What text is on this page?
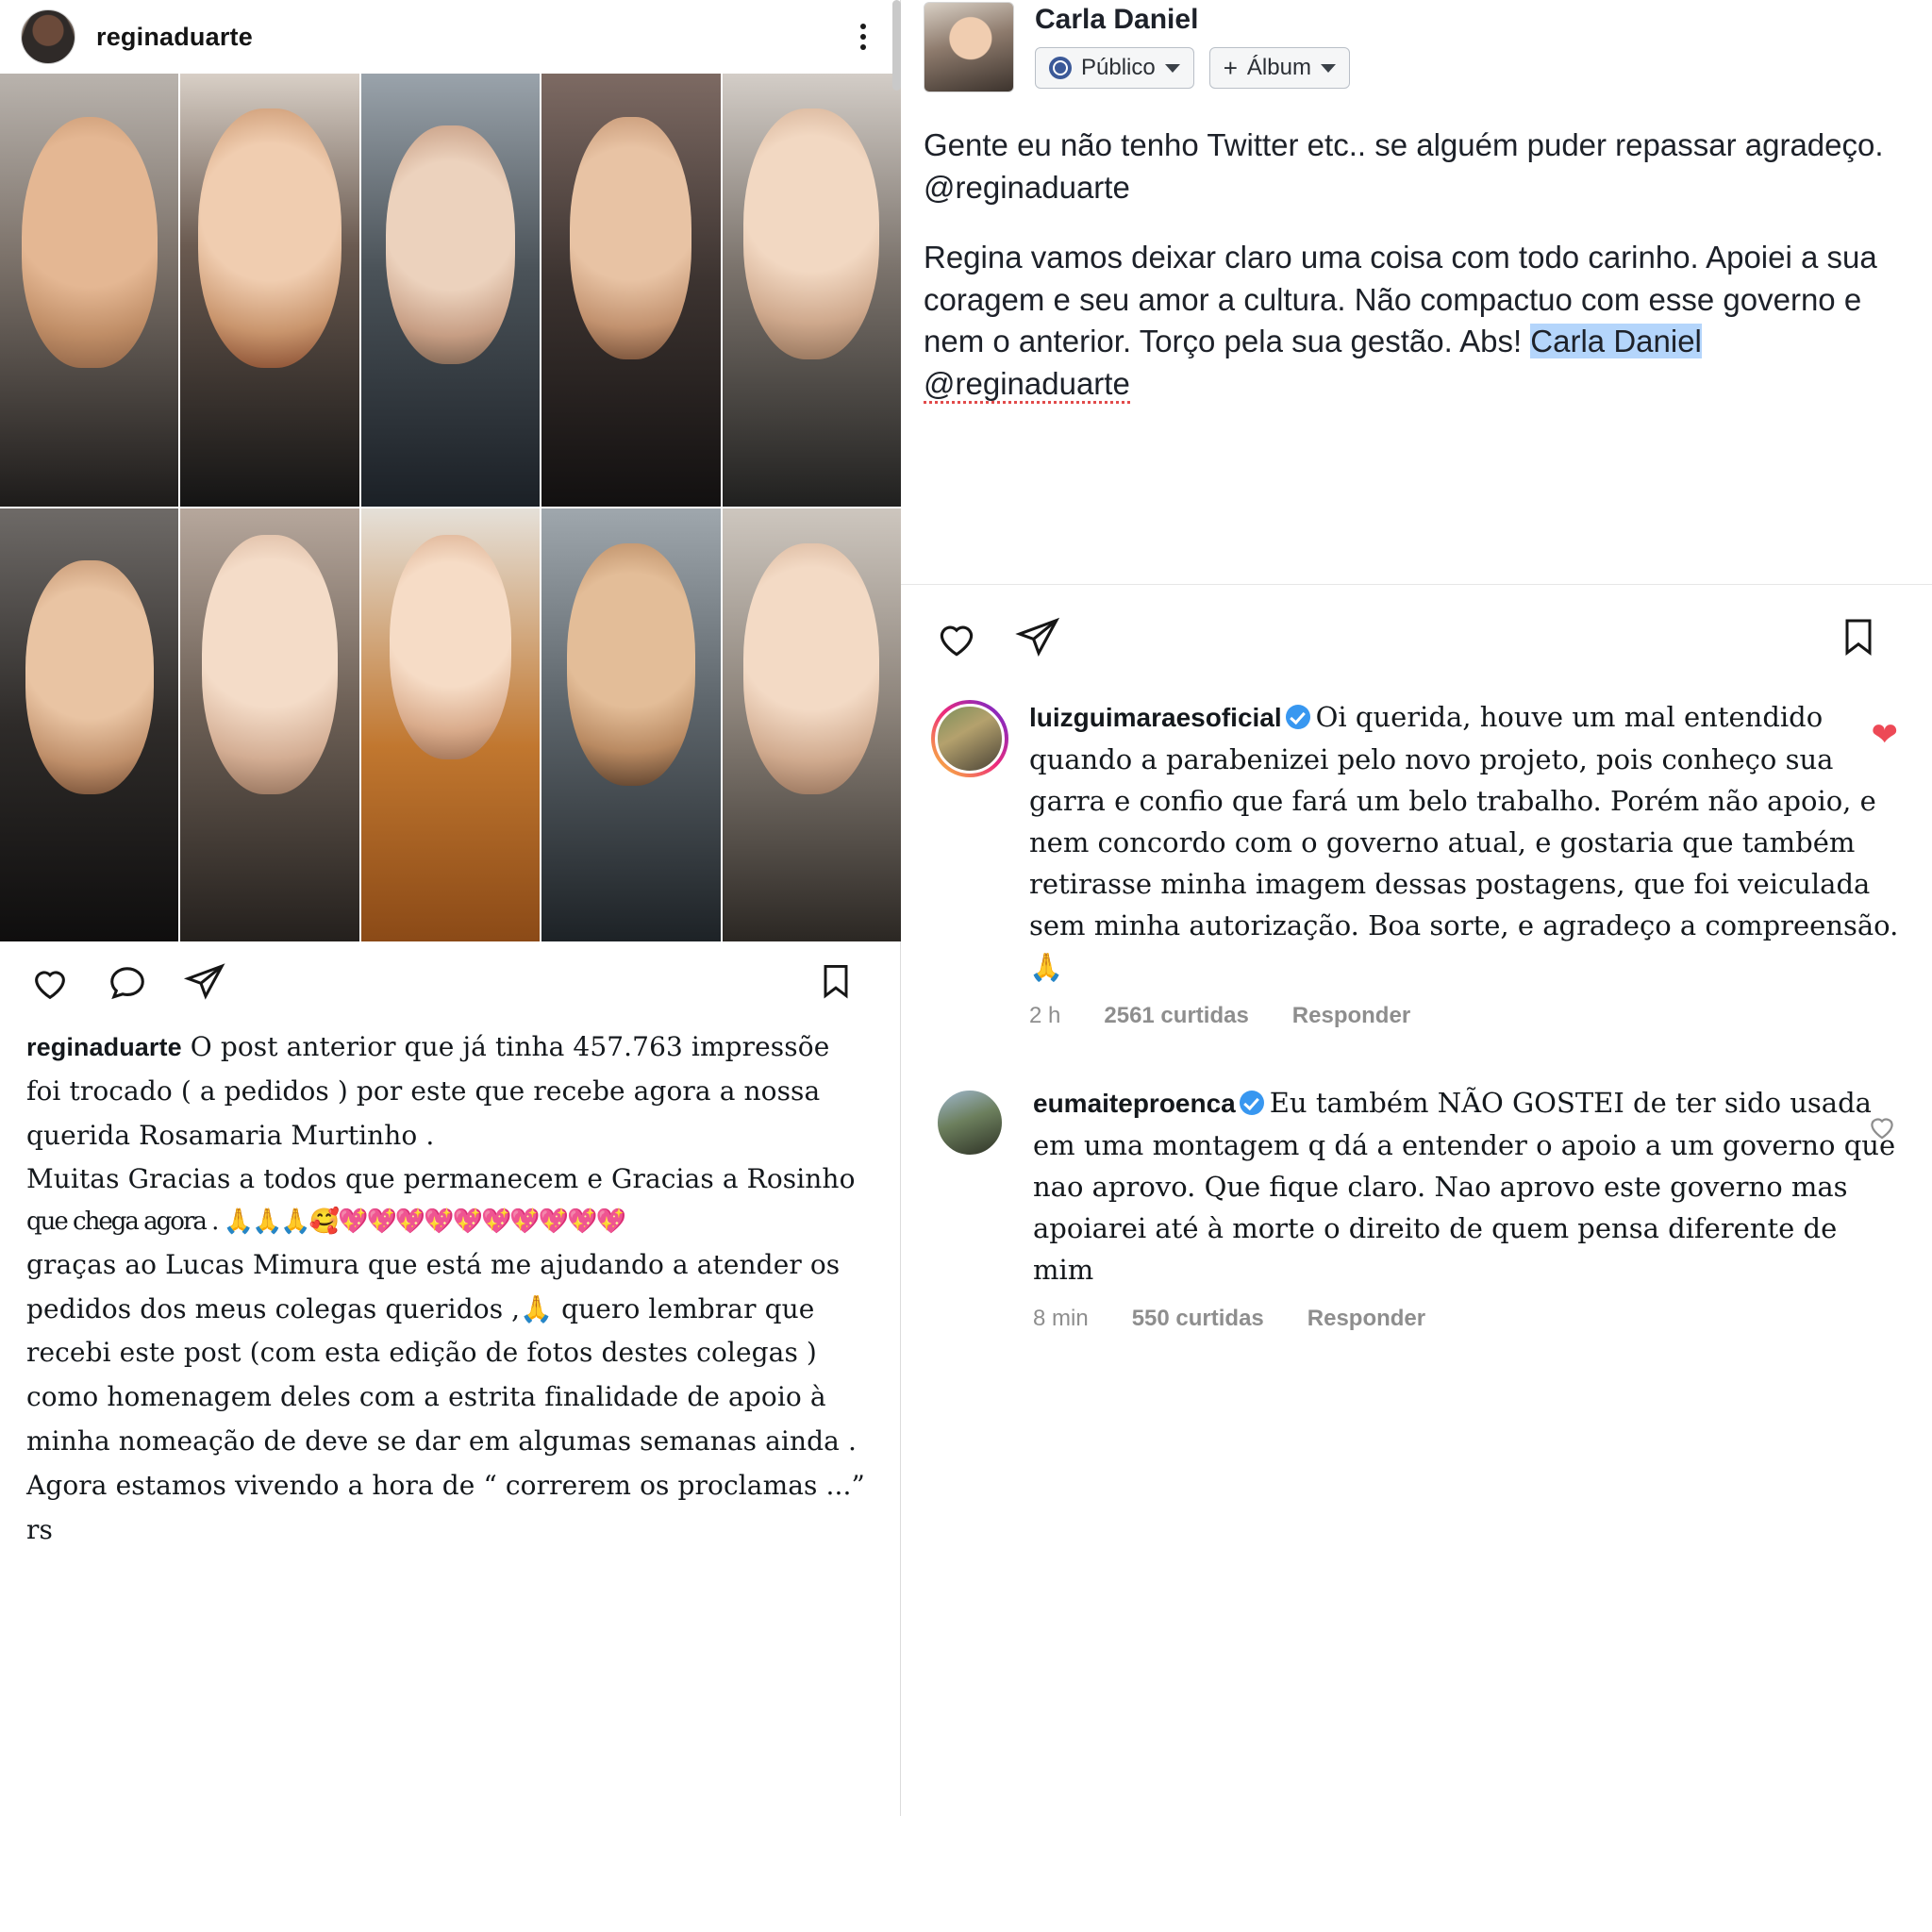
reginaduarte

reginaduarte O post anterior que já tinha 457.763 impressõe

foi trocado ( a pedidos ) por este que recebe agora a nossa

querida Rosamaria Murtinho .

Muitas Gracias a todos que permanecem e Gracias a Rosinho

que chega agora . 🙏🙏🙏🥰💖💖💖💖💖💖💖💖💖💖

graças ao Lucas Mimura que está me ajudando a atender os

pedidos dos meus colegas queridos ,🙏 quero lembrar que

recebi este post (com esta edição de fotos destes colegas )

como homenagem deles com a estrita finalidade de apoio à

minha nomeação de deve se dar em algumas semanas ainda .

Agora estamos vivendo a hora de “ correrem os proclamas ...”

rs

Carla Daniel
Público	+ Álbum

Gente eu não tenho Twitter etc.. se alguém puder repassar agradeço. @reginaduarte

Regina vamos deixar claro uma coisa com todo carinho. Apoiei a sua coragem e seu amor a cultura. Não compactuo com esse governo e nem o anterior. Torço pela sua gestão. Abs! Carla Daniel @reginaduarte

luizguimaraesoficial Oi querida, houve um mal entendido quando a parabenizei pelo novo projeto, pois conheço sua garra e confio que fará um belo trabalho. Porém não apoio, e nem concordo com o governo atual, e gostaria que também retirasse minha imagem dessas postagens, que foi veiculada sem minha autorização. Boa sorte, e agradeço a compreensão. 🙏
2 h 2561 curtidas Responder
❤
eumaiteproenca Eu também NÃO GOSTEI de ter sido usada em uma montagem q dá a entender o apoio a um governo que nao aprovo. Que fique claro. Nao aprovo este governo mas apoiarei até à morte o direito de quem pensa diferente de mim
8 min 550 curtidas Responder
